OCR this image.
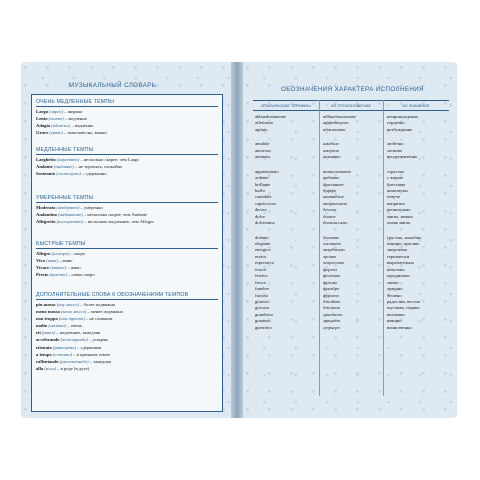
МУЗЫКАЛЬНЫЙ СЛОВАРЬ
ОЧЕНЬ МЕДЛЕННЫЕ ТЕМПЫ
Largo (ларго) – широко
Lento (ленто) – медленно
Adagio (адажио) – медленно
Grave (граве) – тяжеловесно, важно
МЕДЛЕННЫЕ ТЕМПЫ
Larghetto (ларгетто) – несколько скорее, чем Largo
Andante (анданте) – не торопясь, спокойно
Sostenuto (состенуто) – сдержанно
УМЕРЕННЫЕ ТЕМПЫ
Moderato (модерато) – умеренно
Andantino (андантино) – несколько скорее, чем Andante
Allegretto (аллегретто) – несколько медленнее, чем Allegro
БЫСТРЫЕ ТЕМПЫ
Allegro (аллегро) – скоро
Vivo (виво) – живо
Vivace (виваче) – живо
Presto (престо) – очень скоро
ДОПОЛНИТЕЛЬНЫЕ СЛОВА К ОБОЗНАЧЕНИЯМ ТЕМПОВ
piu mosso (пиу моссо) – более подвижно
meno mosso (мено моссо) – менее подвижно
non troppo (нон троппо) – не слишком
molto (мольто) – очень
rit (ритэ) – медленнее, замедляя
accelerando (аччелерандо) – ускоряя
ritenuto (ритенуто) – сдерживая
a tempo (а темпо) – в прежнем темпе
rallentando (раллентандо) – замедляя
alla (алла) – в роде (в духе)
ОБОЗНАЧЕНИЯ ХАРАКТЕРА ИСПОЛНЕНИЯ
ИТАЛЬЯНСКИЕ ТЕРМИНЫ	ИХ ПРОИЗНОШЕНИЕ	ИХ ЗНАЧЕНИЕ
abbandonamente	аббандонаменте	непринужденно
affettuoso	аффеттуозо	сердечно
agitato	аджитато	возбужденно
amabile	амабиле	любезно
amoroso	аморозо	ласково
animato	анимато	воодушевленно
appassionato	аппассионато	страстно
ardente	ардэнте	с жаром
brillante	бриллянте	блестяще
buffo	буффо	комически
cantabile	кантабиле	певуче
capriccioso	каприччиозо	капризно
deciso	дечизо	решительно
dolce	дольче	мягко, нежно
dolcissimo	дольчиссимо	очень мягко
dolente	долэнте	грустно, жалобно
elegante	элегантэ	изящно, красиво
energico	энэрджико	энергично
eroico	эроико	героически
espressivo	эспрессиво	выразительно
feroce	ферочэ	неистово
festivo	фестиво	празднично
fresco	фрэско	свежо
funebre	фунэбрэ	траурно
furioso	фуриозо	бешено
gioioso	джойозо	радостно, весело
giocoso	джокозо	шутливо, игриво
grandioso	грандиозо	величаво
grazioso	грациозо	изящно
guerriero	гуэрьеро	воинственно
